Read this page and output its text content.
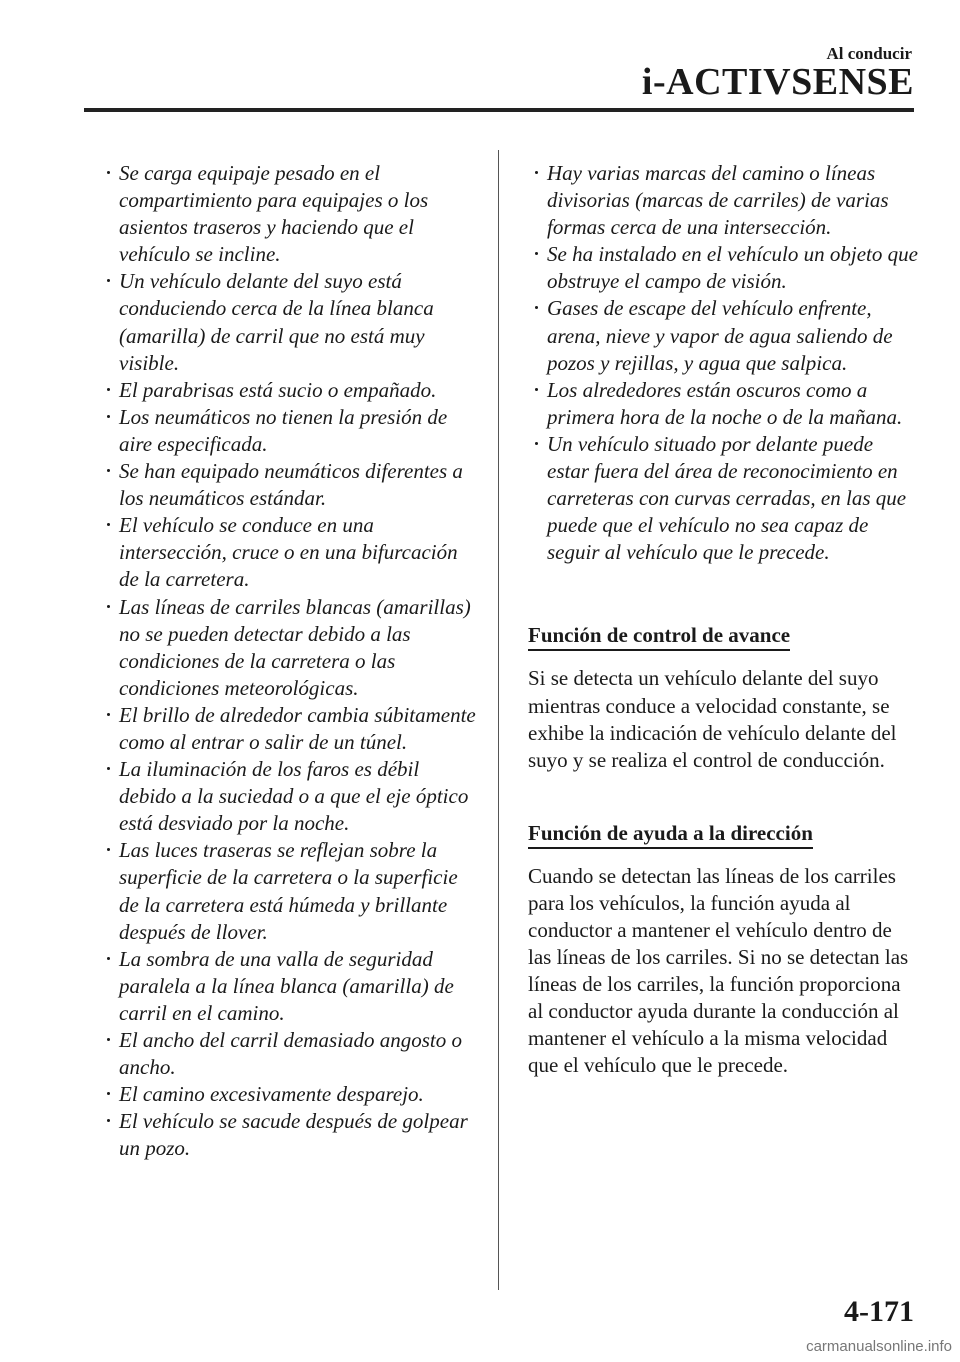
Al conducir
i-ACTIVSENSE
Se carga equipaje pesado en el compartimiento para equipajes o los asientos traseros y haciendo que el vehículo se incline.
Un vehículo delante del suyo está conduciendo cerca de la línea blanca (amarilla) de carril que no está muy visible.
El parabrisas está sucio o empañado.
Los neumáticos no tienen la presión de aire especificada.
Se han equipado neumáticos diferentes a los neumáticos estándar.
El vehículo se conduce en una intersección, cruce o en una bifurcación de la carretera.
Las líneas de carriles blancas (amarillas) no se pueden detectar debido a las condiciones de la carretera o las condiciones meteorológicas.
El brillo de alrededor cambia súbitamente como al entrar o salir de un túnel.
La iluminación de los faros es débil debido a la suciedad o a que el eje óptico está desviado por la noche.
Las luces traseras se reflejan sobre la superficie de la carretera o la superficie de la carretera está húmeda y brillante después de llover.
La sombra de una valla de seguridad paralela a la línea blanca (amarilla) de carril en el camino.
El ancho del carril demasiado angosto o ancho.
El camino excesivamente desparejo.
El vehículo se sacude después de golpear un pozo.
Hay varias marcas del camino o líneas divisorias (marcas de carriles) de varias formas cerca de una intersección.
Se ha instalado en el vehículo un objeto que obstruye el campo de visión.
Gases de escape del vehículo enfrente, arena, nieve y vapor de agua saliendo de pozos y rejillas, y agua que salpica.
Los alrededores están oscuros como a primera hora de la noche o de la mañana.
Un vehículo situado por delante puede estar fuera del área de reconocimiento en carreteras con curvas cerradas, en las que puede que el vehículo no sea capaz de seguir al vehículo que le precede.
Función de control de avance

Si se detecta un vehículo delante del suyo mientras conduce a velocidad constante, se exhibe la indicación de vehículo delante del suyo y se realiza el control de conducción.

Función de ayuda a la dirección

Cuando se detectan las líneas de los carriles para los vehículos, la función ayuda al conductor a mantener el vehículo dentro de las líneas de los carriles. Si no se detectan las líneas de los carriles, la función proporciona al conductor ayuda durante la conducción al mantener el vehículo a la misma velocidad que el vehículo que le precede.

4-171
carmanualsonline.info
